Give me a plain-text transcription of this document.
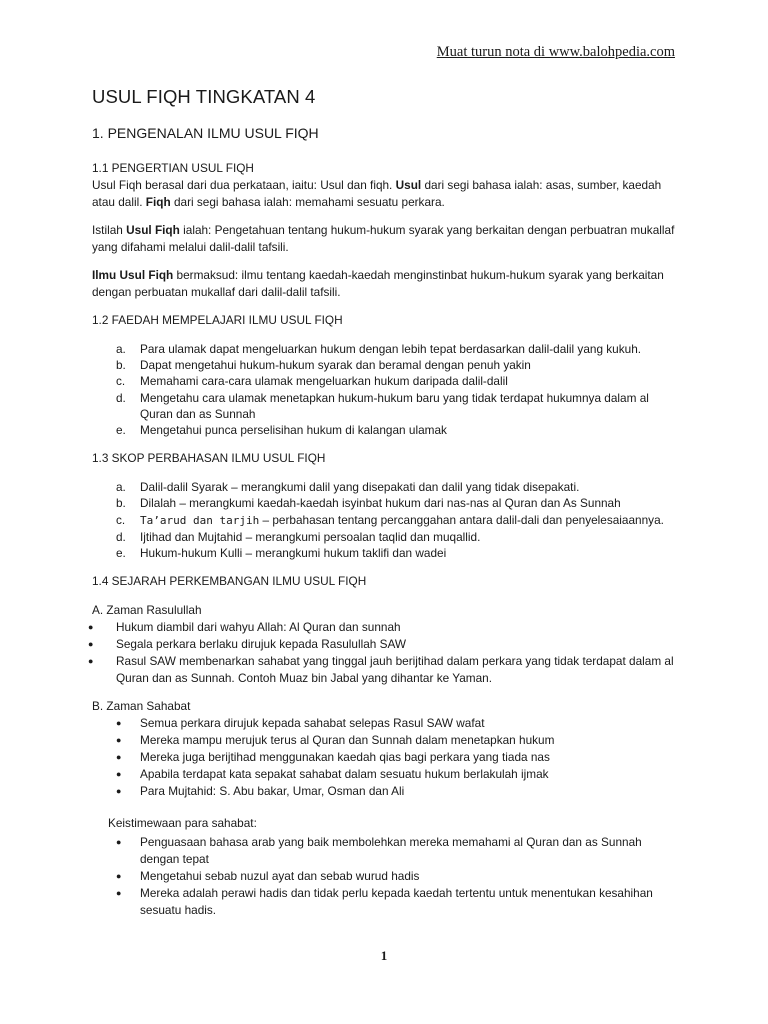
Muat turun nota di www.balohpedia.com
USUL FIQH TINGKATAN 4
1. PENGENALAN ILMU USUL FIQH
1.1 PENGERTIAN USUL FIQH

Usul Fiqh berasal dari dua perkataan, iaitu: Usul dan fiqh. Usul dari segi bahasa ialah: asas, sumber, kaedah atau dalil. Fiqh dari segi bahasa ialah: memahami sesuatu perkara.

Istilah Usul Fiqh ialah: Pengetahuan tentang hukum-hukum syarak yang berkaitan dengan perbuatran mukallaf yang difahami melalui dalil-dalil tafsili.

Ilmu Usul Fiqh bermaksud: ilmu tentang kaedah-kaedah menginstinbat hukum-hukum syarak yang berkaitan dengan perbuatan mukallaf dari dalil-dalil tafsili.

1.2 FAEDAH MEMPELAJARI ILMU USUL FIQH
a. Para ulamak dapat mengeluarkan hukum dengan lebih tepat berdasarkan dalil-dalil yang kukuh.
b. Dapat mengetahui hukum-hukum syarak dan beramal dengan penuh yakin
c. Memahami cara-cara ulamak mengeluarkan hukum daripada dalil-dalil
d. Mengetahu cara ulamak menetapkan hukum-hukum baru yang tidak terdapat hukumnya dalam al Quran dan as Sunnah
e. Mengetahui punca perselisihan hukum di kalangan ulamak
1.3 SKOP PERBAHASAN ILMU USUL FIQH
a. Dalil-dalil Syarak – merangkumi dalil yang disepakati dan dalil yang tidak disepakati.
b. Dilalah – merangkumi kaedah-kaedah isyinbat hukum dari nas-nas al Quran dan As Sunnah
c. Ta’arud dan tarjih – perbahasan tentang percanggahan antara dalil-dali dan penyelesaiaannya.
d. Ijtihad dan Mujtahid – merangkumi persoalan taqlid dan muqallid.
e. Hukum-hukum Kulli – merangkumi hukum taklifi dan wadei
1.4 SEJARAH PERKEMBANGAN ILMU USUL FIQH
A. Zaman Rasulullah
● Hukum diambil dari wahyu Allah: Al Quran dan sunnah
● Segala perkara berlaku dirujuk kepada Rasulullah SAW
● Rasul SAW membenarkan sahabat yang tinggal jauh berijtihad dalam perkara yang tidak terdapat dalam al Quran dan as Sunnah. Contoh Muaz bin Jabal yang dihantar ke Yaman.
B. Zaman Sahabat
● Semua perkara dirujuk kepada sahabat selepas Rasul SAW wafat
● Mereka mampu merujuk terus al Quran dan Sunnah dalam menetapkan hukum
● Mereka juga berijtihad menggunakan kaedah qias bagi perkara yang tiada nas
● Apabila terdapat kata sepakat sahabat dalam sesuatu hukum berlakulah ijmak
● Para Mujtahid: S. Abu bakar, Umar, Osman dan Ali
Keistimewaan para sahabat:
● Penguasaan bahasa arab yang baik membolehkan mereka memahami al Quran dan as Sunnah dengan tepat
● Mengetahui sebab nuzul ayat dan sebab wurud hadis
● Mereka adalah perawi hadis dan tidak perlu kepada kaedah tertentu untuk menentukan kesahihan sesuatu hadis.
1
